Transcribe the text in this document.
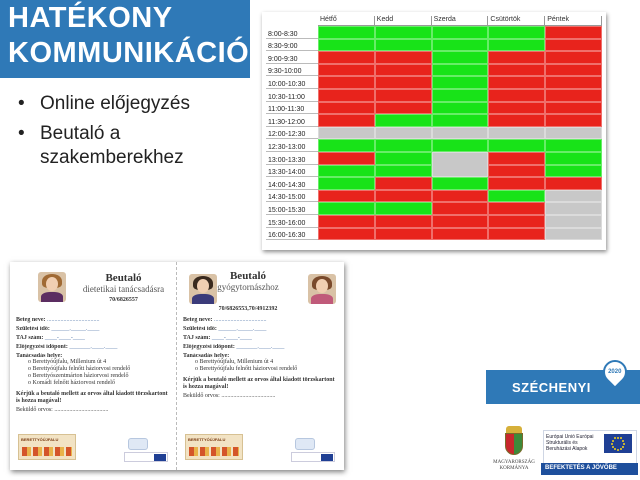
HATÉKONY
KOMMUNIKÁCIÓ
• Online előjegyzés
• Beutaló a szakemberekhez
Hétfő	Kedd	Szerda	Csütörtök	Péntek
8:00-8:30
8:30-9:00
9:00-9:30
9:30-10:00
10:00-10:30
10:30-11:00
11:00-11:30
11:30-12:00
12:00-12:30
12:30-13:00
13:00-13:30
13:30-14:00
14:00-14:30
14:30-15:00
15:00-15:30
15:30-16:00
16:00-16:30
Beutaló
dietetikai tanácsadásra
70/6826557
Beteg neve: ...................................
Születési idő: ______._____.____
TAJ szám: ____-____-____
Előjegyzési időpont: _______.____.____
Tanácsadás helye:
o Berettyóújfalu, Millenium út 4
o Berettyóújfalu felnőtt háziorvosi rendelő
o Berettyószentmárton háziorvosi rendelő
o Komádi felnőtt háziorvosi rendelő
Kérjük a beutaló mellett az orvos által kiadott törzskartont is hozza magával!
Beküldő orvos: ....................................
BERETTYÓÚJFALU
Beutaló
gyógytornászhoz
70/6826553,70/4912392
Beteg neve: ...................................
Születési idő: ______._____.____
TAJ szám: ____-____-____
Előjegyzési időpont: _______.____.____
Tanácsadás helye:
o Berettyóújfalu, Millenium út 4
o Berettyóújfalu felnőtt háziorvosi rendelő
Kérjük a beutaló mellett az orvos által kiadott törzskartont is hozza magával!
Beküldő orvos: ....................................
BERETTYÓÚJFALU
SZÉCHENYI
2020
MAGYARORSZÁG KORMÁNYA
Európai Unió Európai Strukturális és Beruházási Alapok
BEFEKTETÉS A JÖVŐBE
